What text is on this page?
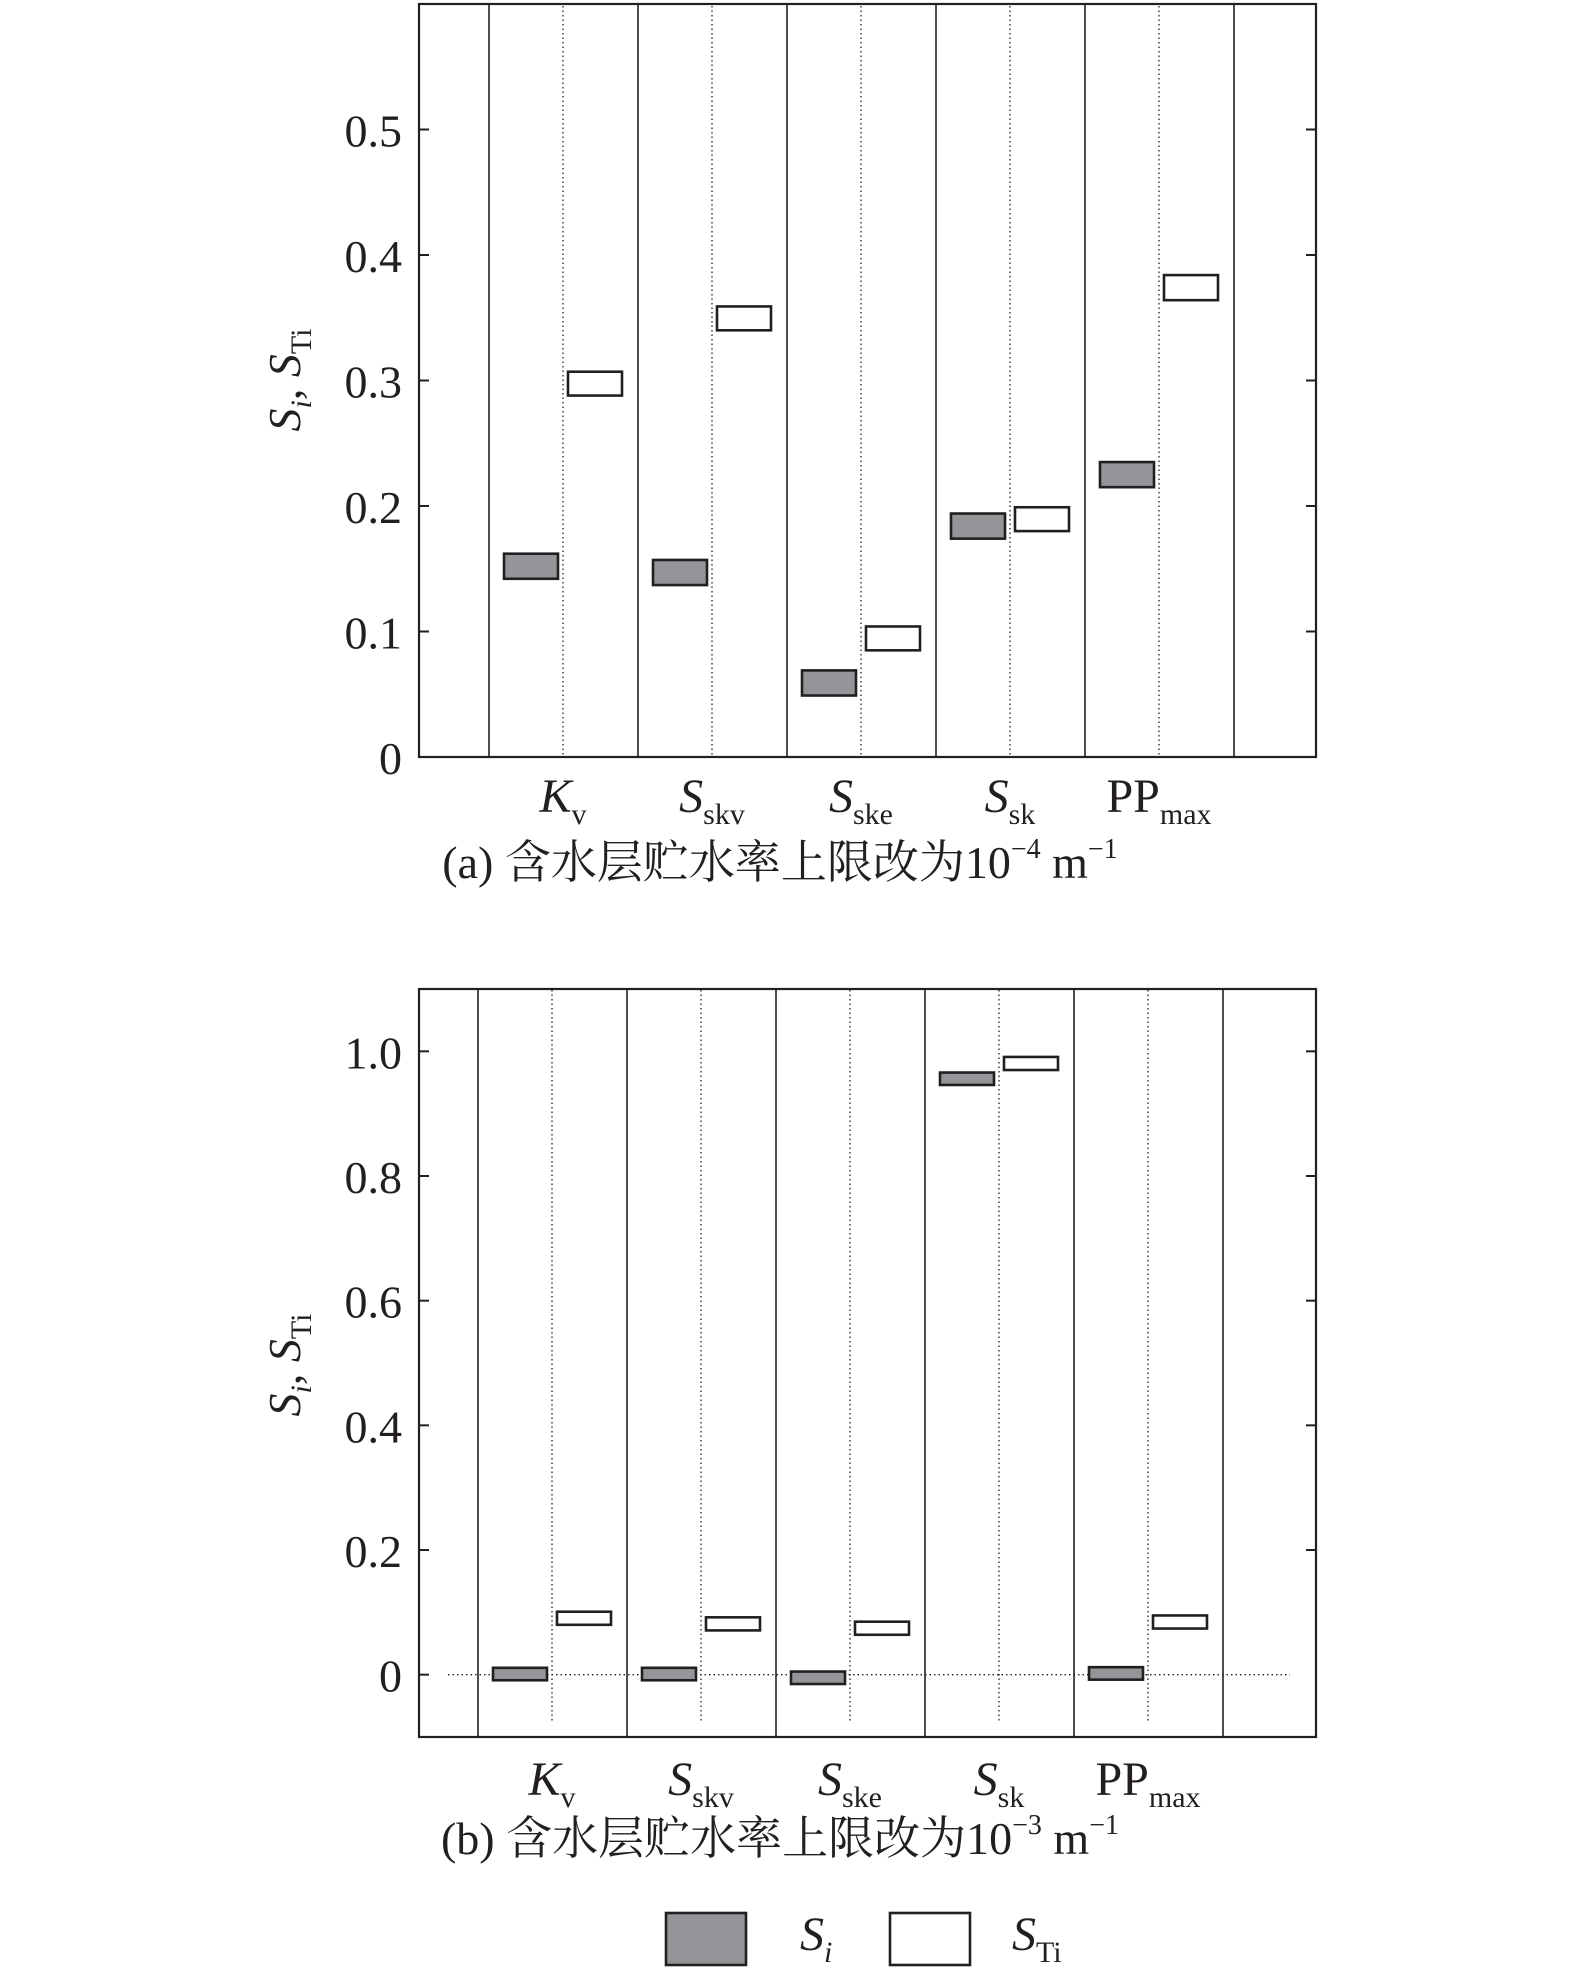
0
0.1
0.2
0.3
0.4
0.5
$K_v$ $S_{skv}$ $S_{ske}$ $S_{sk}$ $PP_{max}$
$S_i$, $S_{Ti}$
(a) 含水层贮水率上限改为$10^{-4}$ $m^{-1}$
0
0.2
0.4
0.6
0.8
1.0
$K_v$ $S_{skv}$ $S_{ske}$ $S_{sk}$ $PP_{max}$
$S_i$, $S_{Ti}$
(b) 含水层贮水率上限改为$10^{-3}$ $m^{-1}$
$S_i$	$S_{Ti}$
